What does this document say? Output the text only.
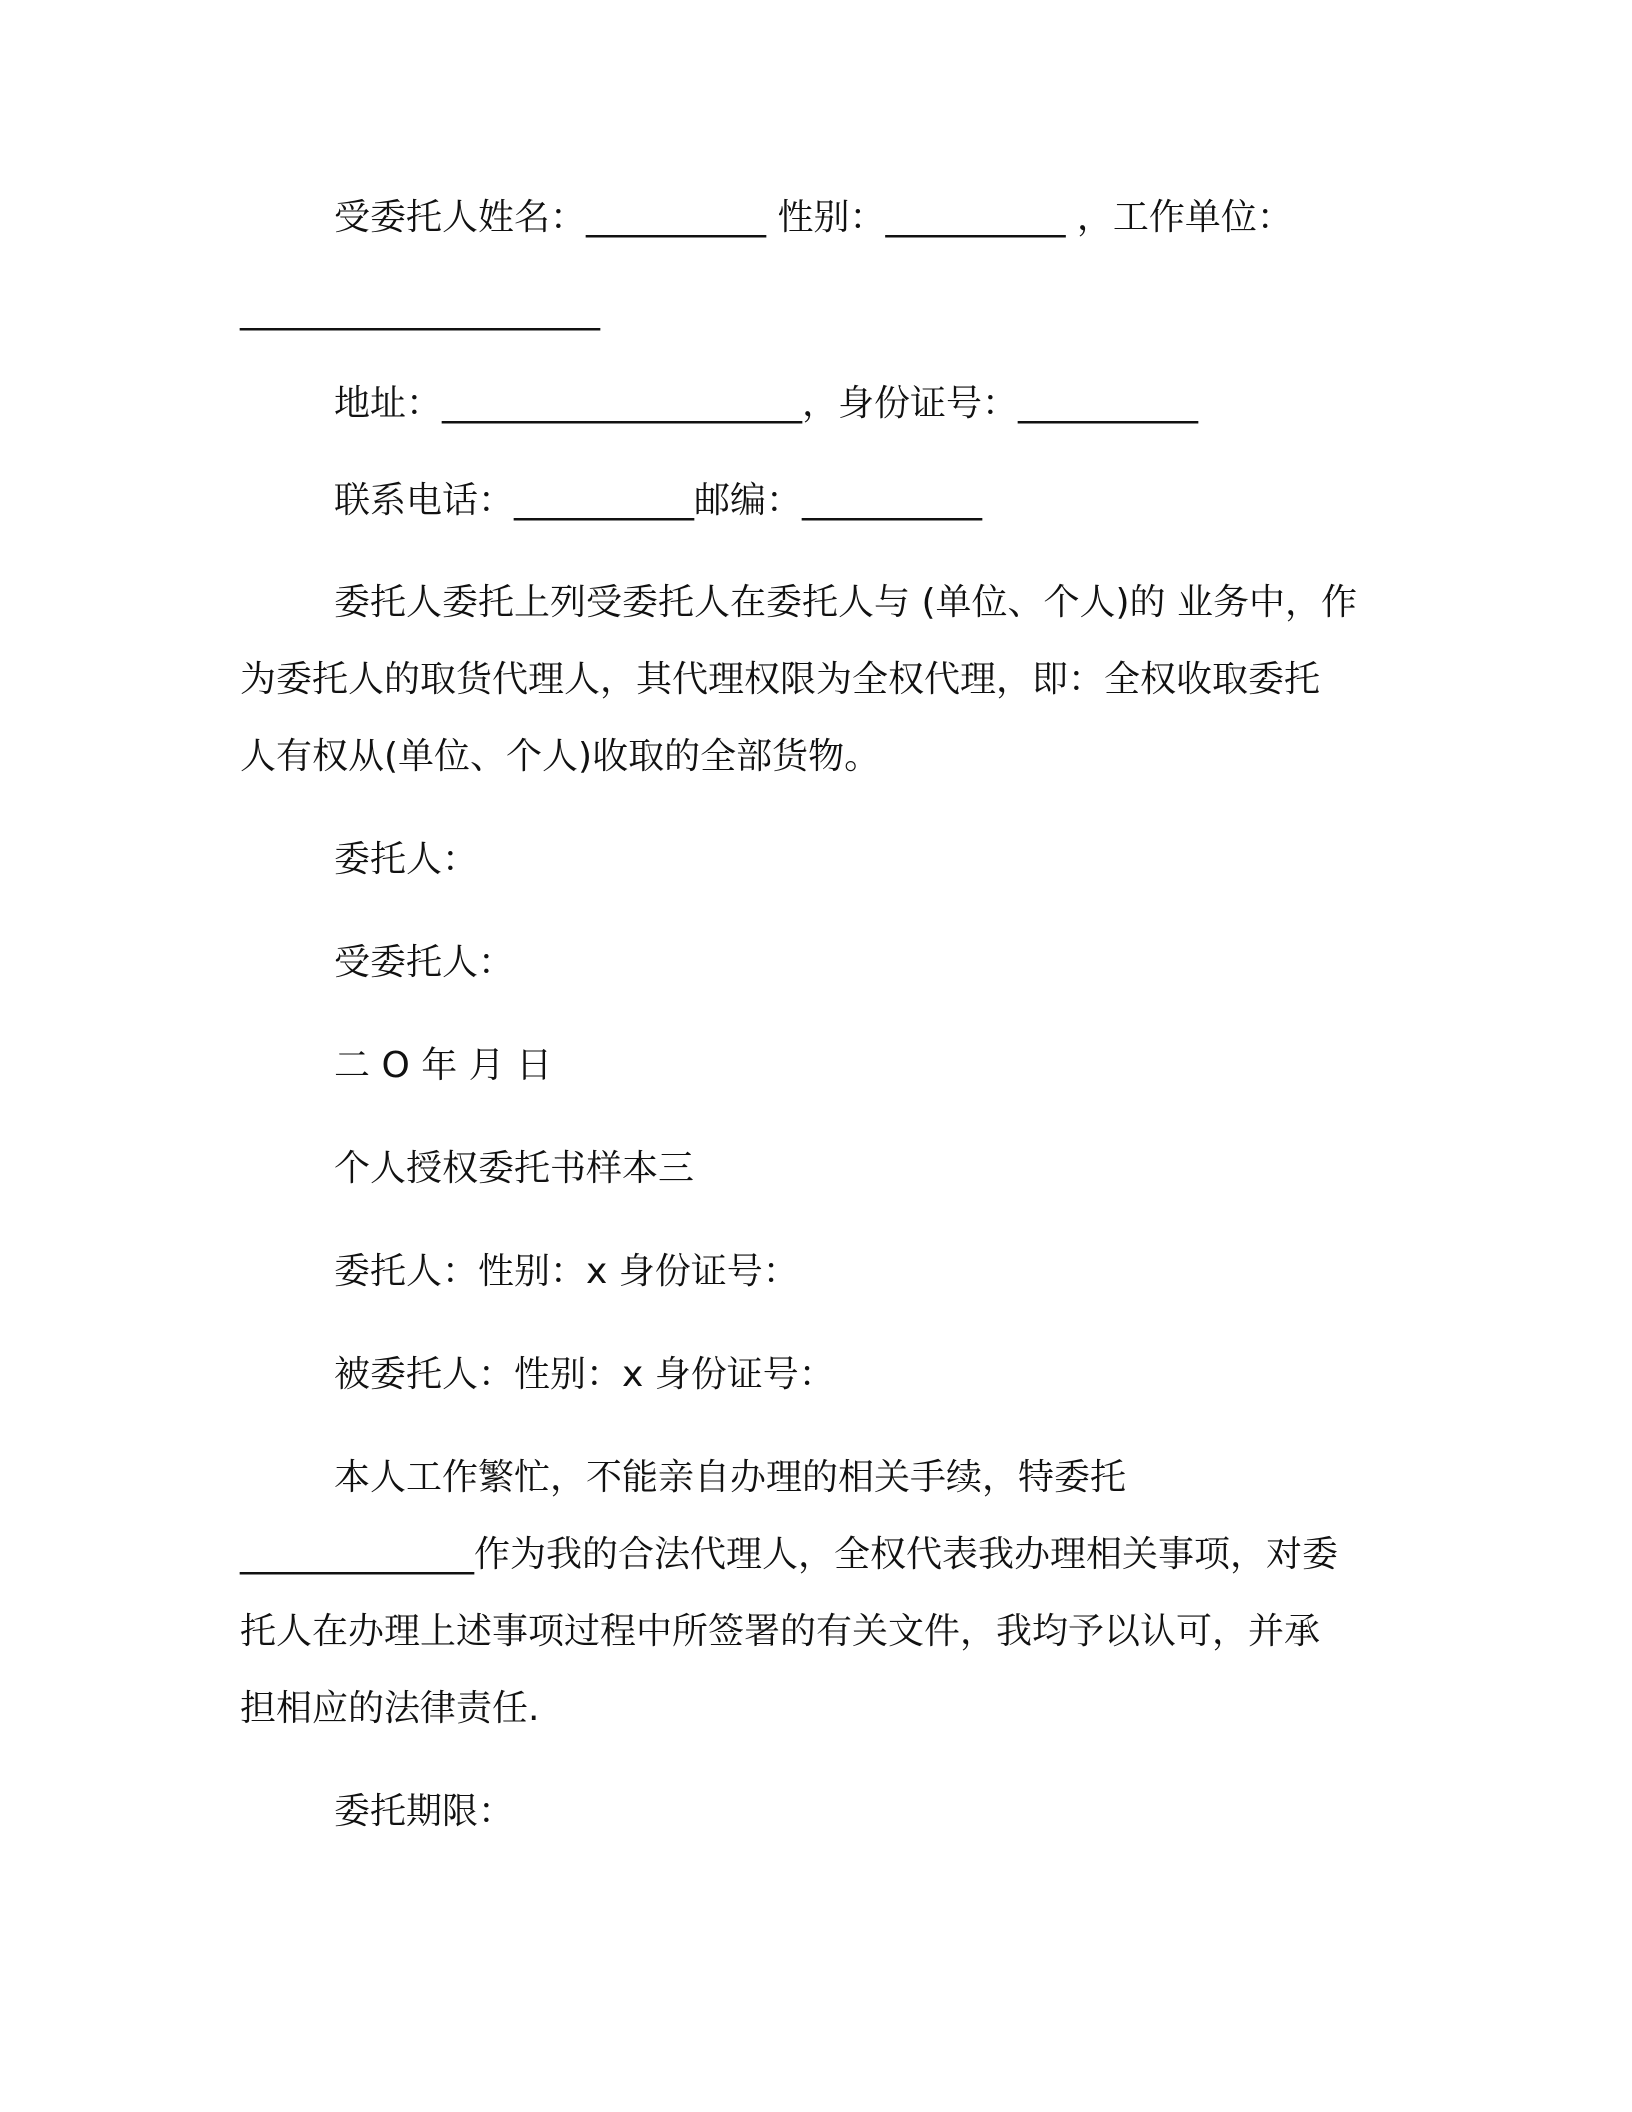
受委托人姓名：__________ 性别：__________ ，工作单位：
____________________
地址：____________________，身份证号：__________
联系电话：__________邮编：__________
委托人委托上列受委托人在委托人与 (单位、个人)的 业务中，作
为委托人的取货代理人，其代理权限为全权代理，即：全权收取委托
人有权从(单位、个人)收取的全部货物。
委托人：
受委托人：
二 O 年 月 日
个人授权委托书样本三
委托人：性别：x 身份证号：
被委托人：性别：x 身份证号：
本人工作繁忙，不能亲自办理的相关手续，特委托
_____________作为我的合法代理人，全权代表我办理相关事项，对委
托人在办理上述事项过程中所签署的有关文件，我均予以认可，并承
担相应的法律责任.
委托期限：
